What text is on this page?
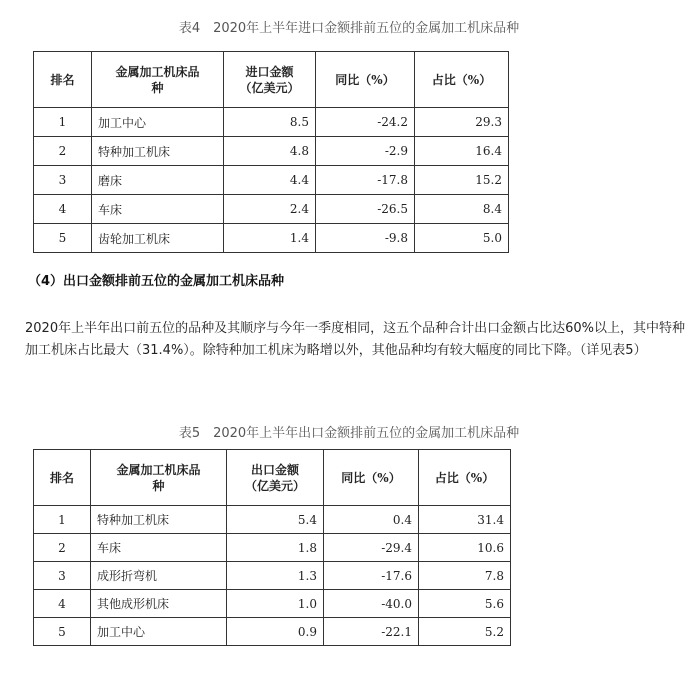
表4　2020年上半年进口金额排前五位的金属加工机床品种
排名	金属加工机床品种	进口金额（亿美元）	同比（%）	占比（%）
1	加工中心	8.5	-24.2	29.3
2	特种加工机床	4.8	-2.9	16.4
3	磨床	4.4	-17.8	15.2
4	车床	2.4	-26.5	8.4
5	齿轮加工机床	1.4	-9.8	5.0
（4）出口金额排前五位的金属加工机床品种

2020年上半年出口前五位的品种及其顺序与今年一季度相同，这五个品种合计出口金额占比达60%以上，其中特种加工机床占比最大（31.4%）。除特种加工机床为略增以外，其他品种均有较大幅度的同比下降。（详见表5）

表5　2020年上半年出口金额排前五位的金属加工机床品种
排名	金属加工机床品种	出口金额（亿美元）	同比（%）	占比（%）
1	特种加工机床	5.4	0.4	31.4
2	车床	1.8	-29.4	10.6
3	成形折弯机	1.3	-17.6	7.8
4	其他成形机床	1.0	-40.0	5.6
5	加工中心	0.9	-22.1	5.2
